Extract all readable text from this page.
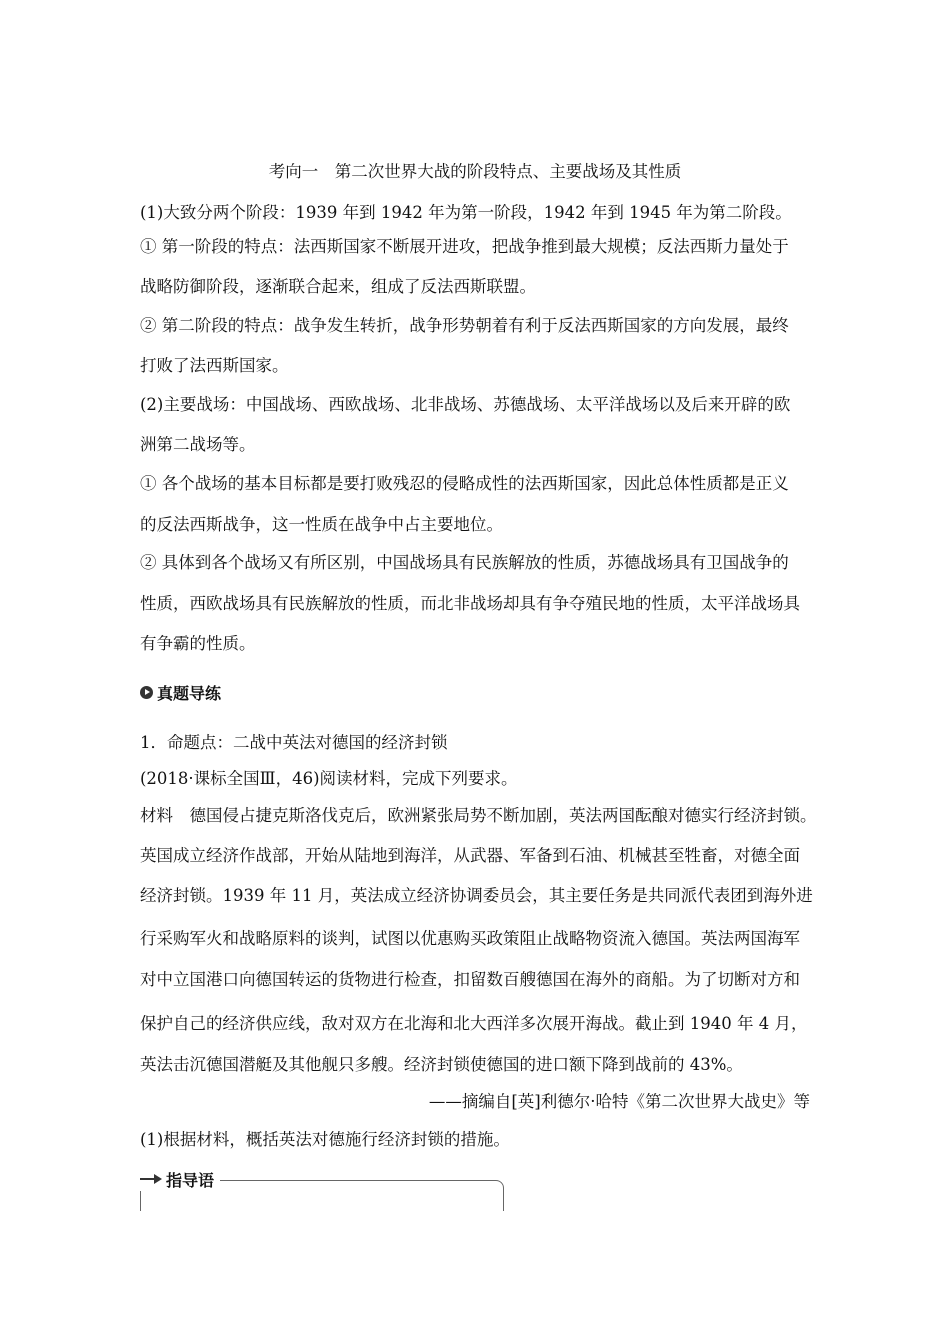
考向一　第二次世界大战的阶段特点、主要战场及其性质
(1)大致分两个阶段：1939 年到 1942 年为第一阶段，1942 年到 1945 年为第二阶段。
① 第一阶段的特点：法西斯国家不断展开进攻，把战争推到最大规模；反法西斯力量处于
战略防御阶段，逐渐联合起来，组成了反法西斯联盟。
② 第二阶段的特点：战争发生转折，战争形势朝着有利于反法西斯国家的方向发展，最终
打败了法西斯国家。
(2)主要战场：中国战场、西欧战场、北非战场、苏德战场、太平洋战场以及后来开辟的欧
洲第二战场等。
① 各个战场的基本目标都是要打败残忍的侵略成性的法西斯国家，因此总体性质都是正义
的反法西斯战争，这一性质在战争中占主要地位。
② 具体到各个战场又有所区别，中国战场具有民族解放的性质，苏德战场具有卫国战争的
性质，西欧战场具有民族解放的性质，而北非战场却具有争夺殖民地的性质，太平洋战场具
有争霸的性质。
真题导练
1．命题点：二战中英法对德国的经济封锁
(2018·课标全国Ⅲ，46)阅读材料，完成下列要求。
材料　德国侵占捷克斯洛伐克后，欧洲紧张局势不断加剧，英法两国酝酿对德实行经济封锁。
英国成立经济作战部，开始从陆地到海洋，从武器、军备到石油、机械甚至牲畜，对德全面
经济封锁。1939 年 11 月，英法成立经济协调委员会，其主要任务是共同派代表团到海外进
行采购军火和战略原料的谈判，试图以优惠购买政策阻止战略物资流入德国。英法两国海军
对中立国港口向德国转运的货物进行检查，扣留数百艘德国在海外的商船。为了切断对方和
保护自己的经济供应线，敌对双方在北海和北大西洋多次展开海战。截止到 1940 年 4 月，
英法击沉德国潜艇及其他舰只多艘。经济封锁使德国的进口额下降到战前的 43%。
——摘编自[英]利德尔·哈特《第二次世界大战史》等
(1)根据材料，概括英法对德施行经济封锁的措施。
指导语
